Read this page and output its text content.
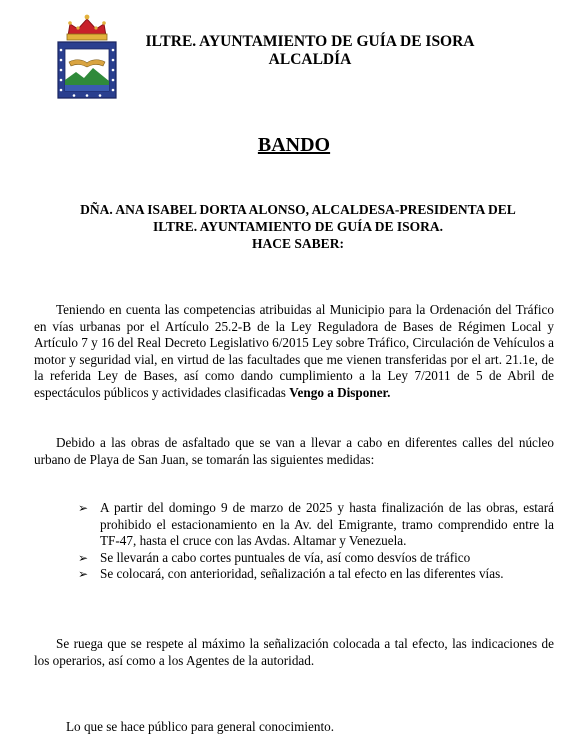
ILTRE. AYUNTAMIENTO DE GUÍA DE ISORA
ALCALDÍA
BANDO
DÑA. ANA ISABEL DORTA ALONSO, ALCALDESA-PRESIDENTA DEL
ILTRE. AYUNTAMIENTO DE GUÍA DE ISORA.
HACE SABER:
Teniendo en cuenta las competencias atribuidas al Municipio para la Ordenación del Tráfico en vías urbanas por el Artículo 25.2-B de la Ley Reguladora de Bases de Régimen Local y Artículo 7 y 16 del Real Decreto Legislativo 6/2015 Ley sobre Tráfico, Circulación de Vehículos a motor y seguridad vial, en virtud de las facultades que me vienen transferidas por el art. 21.1e, de la referida Ley de Bases, así como dando cumplimiento a la Ley 7/2011 de 5 de Abril de espectáculos públicos y actividades clasificadas Vengo a Disponer.
Debido a las obras de asfaltado que se van a llevar a cabo en diferentes calles del núcleo urbano de Playa de San Juan, se tomarán las siguientes medidas:
➢ A partir del domingo 9 de marzo de 2025 y hasta finalización de las obras, estará prohibido el estacionamiento en la Av. del Emigrante, tramo comprendido entre la TF-47, hasta el cruce con las Avdas. Altamar y Venezuela.
➢ Se llevarán a cabo cortes puntuales de vía, así como desvíos de tráfico
➢ Se colocará, con anterioridad, señalización a tal efecto en las diferentes vías.
Se ruega que se respete al máximo la señalización colocada a tal efecto, las indicaciones de los operarios, así como a los Agentes de la autoridad.
Lo que se hace público para general conocimiento.
